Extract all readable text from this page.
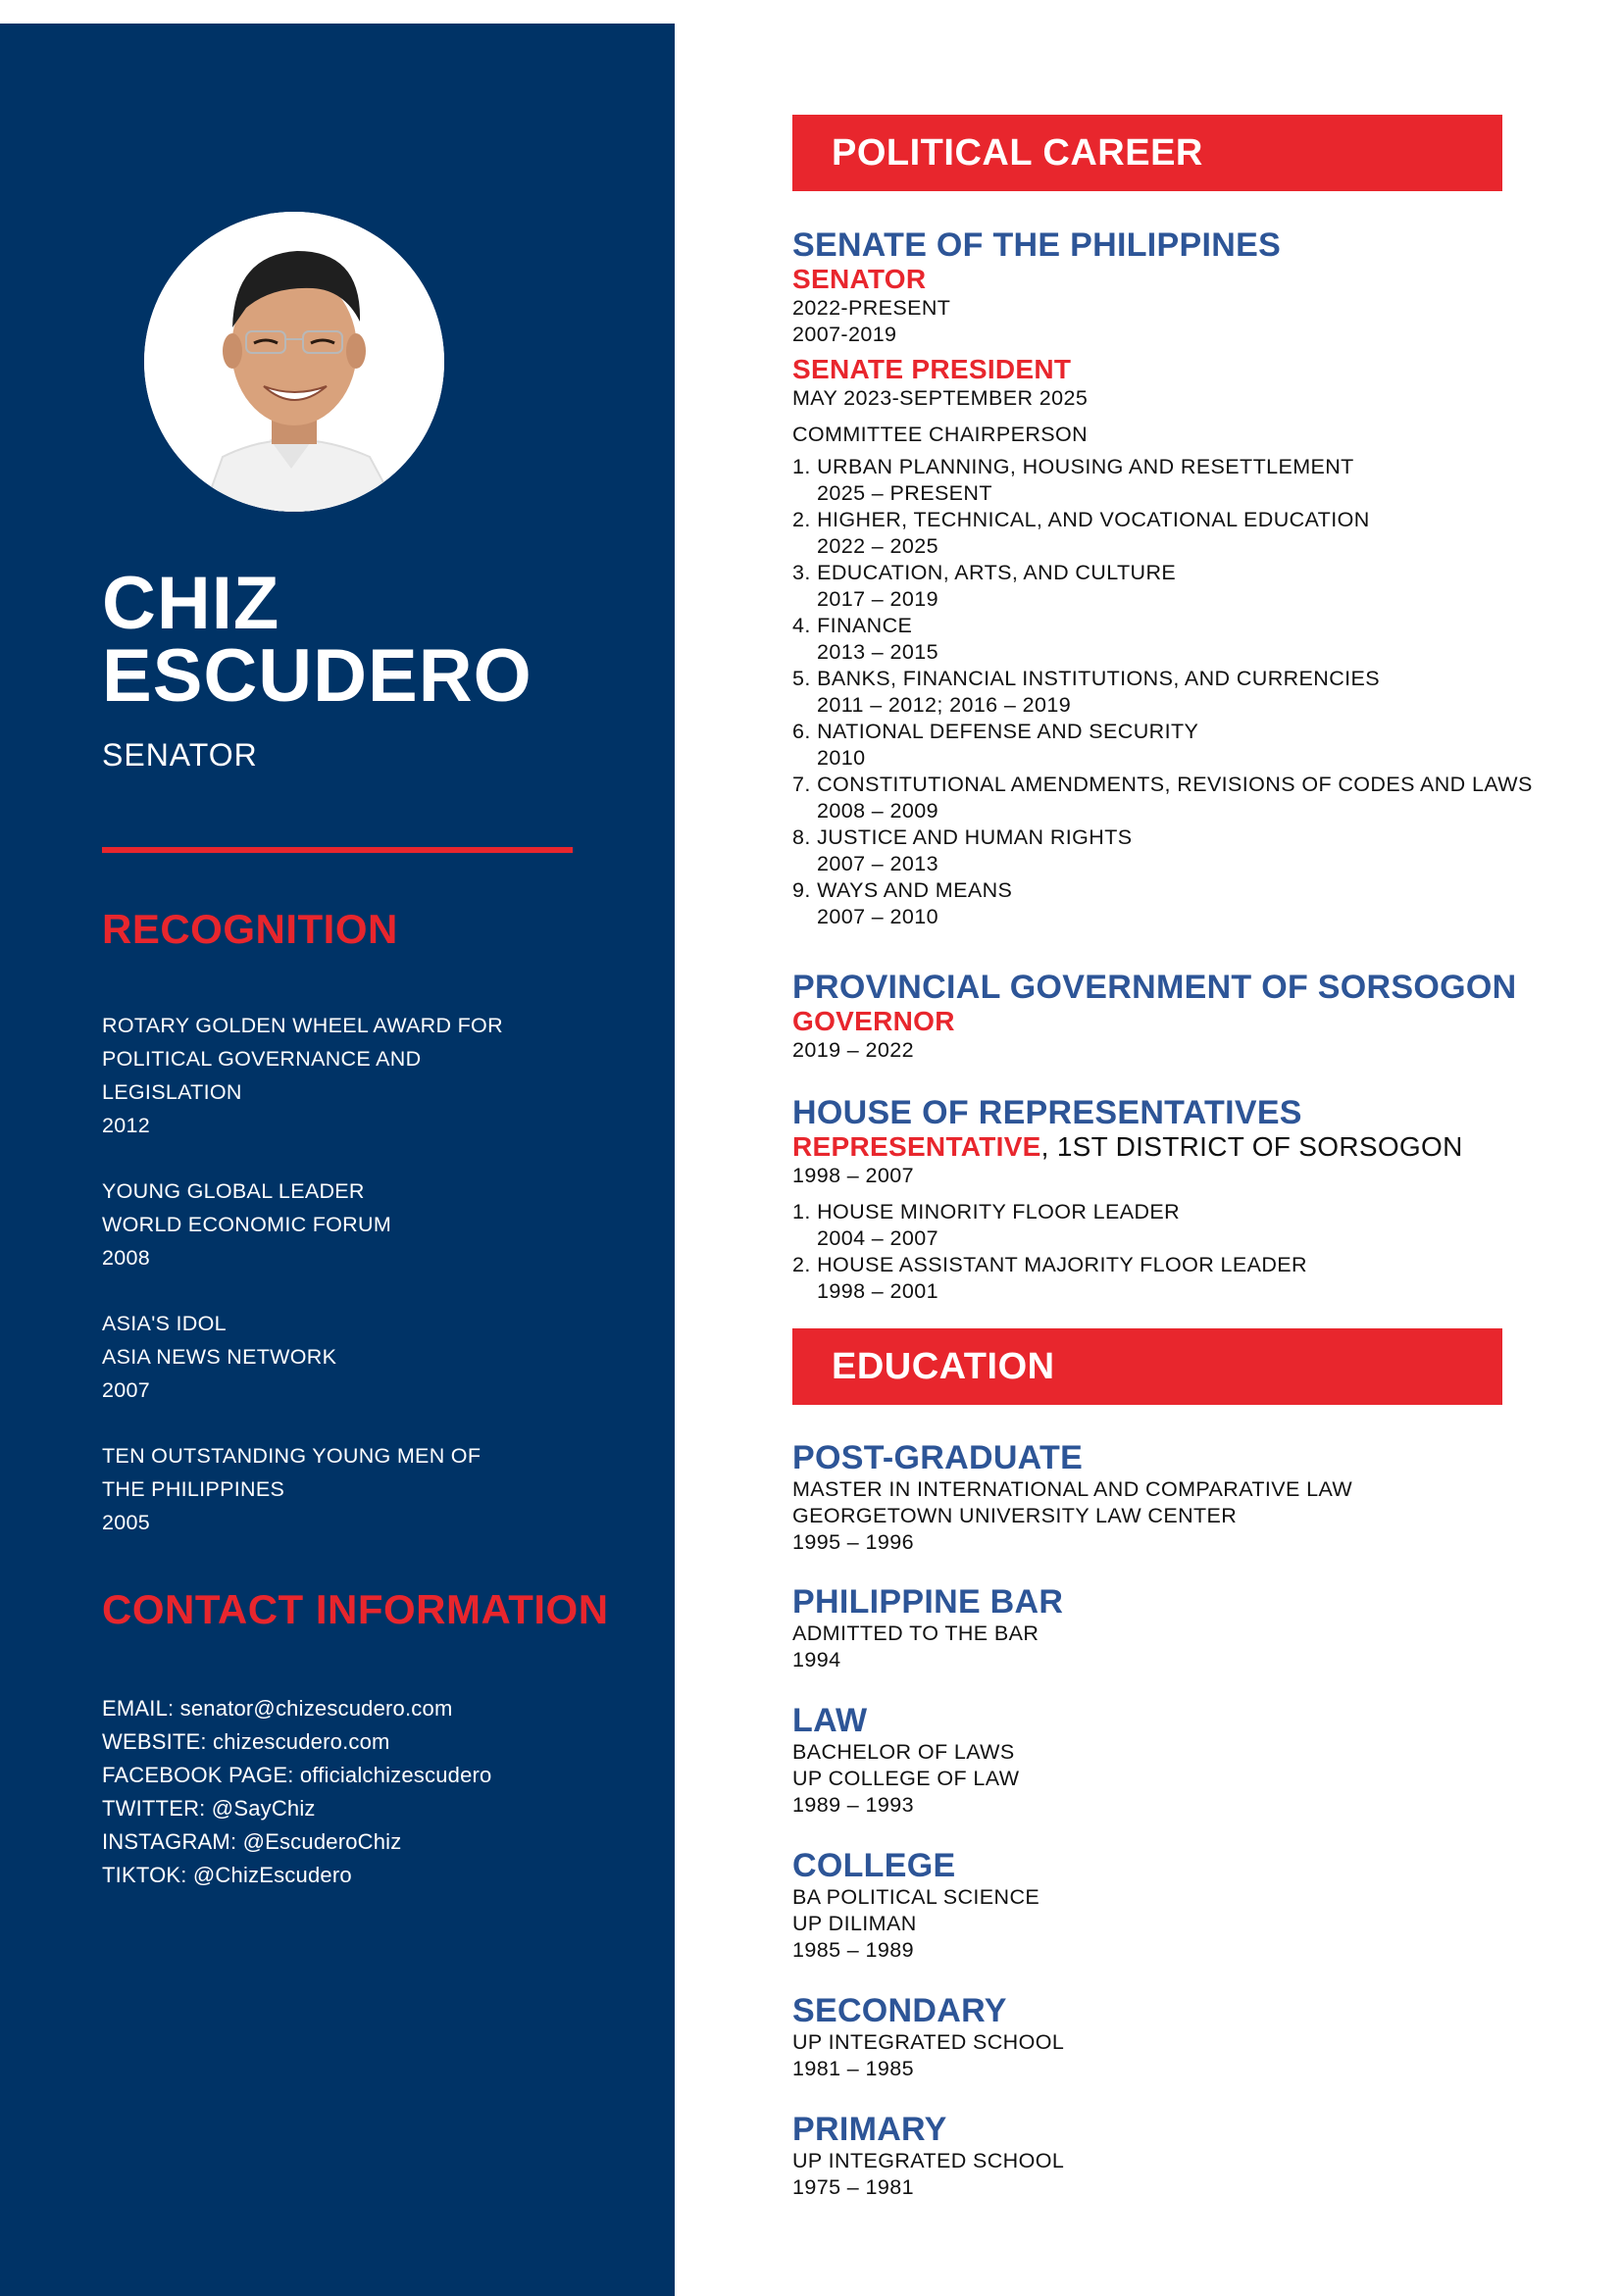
CHIZ
ESCUDERO
SENATOR
RECOGNITION
ROTARY GOLDEN WHEEL AWARD FOR
POLITICAL GOVERNANCE AND
LEGISLATION
2012
YOUNG GLOBAL LEADER
WORLD ECONOMIC FORUM
2008
ASIA'S IDOL
ASIA NEWS NETWORK
2007
TEN OUTSTANDING YOUNG MEN OF
THE PHILIPPINES
2005
CONTACT INFORMATION
EMAIL: senator@chizescudero.com
WEBSITE: chizescudero.com
FACEBOOK PAGE: officialchizescudero
TWITTER: @SayChiz
INSTAGRAM: @EscuderoChiz
TIKTOK: @ChizEscudero
POLITICAL CAREER
SENATE OF THE PHILIPPINES
SENATOR
2022-PRESENT
2007-2019
SENATE PRESIDENT
MAY 2023-SEPTEMBER 2025
COMMITTEE CHAIRPERSON
1. URBAN PLANNING, HOUSING AND RESETTLEMENT
2025 – PRESENT
2. HIGHER, TECHNICAL, AND VOCATIONAL EDUCATION
2022 – 2025
3. EDUCATION, ARTS, AND CULTURE
2017 – 2019
4. FINANCE
2013 – 2015
5. BANKS, FINANCIAL INSTITUTIONS, AND CURRENCIES
2011 – 2012; 2016 – 2019
6. NATIONAL DEFENSE AND SECURITY
2010
7. CONSTITUTIONAL AMENDMENTS, REVISIONS OF CODES AND LAWS
2008 – 2009
8. JUSTICE AND HUMAN RIGHTS
2007 – 2013
9. WAYS AND MEANS
2007 – 2010
PROVINCIAL GOVERNMENT OF SORSOGON
GOVERNOR
2019 – 2022
HOUSE OF REPRESENTATIVES
REPRESENTATIVE, 1ST DISTRICT OF SORSOGON
1998 – 2007
1. HOUSE MINORITY FLOOR LEADER
2004 – 2007
2. HOUSE ASSISTANT MAJORITY FLOOR LEADER
1998 – 2001
EDUCATION
POST-GRADUATE
MASTER IN INTERNATIONAL AND COMPARATIVE LAW
GEORGETOWN UNIVERSITY LAW CENTER
1995 – 1996
PHILIPPINE BAR
ADMITTED TO THE BAR
1994
LAW
BACHELOR OF LAWS
UP COLLEGE OF LAW
1989 – 1993
COLLEGE
BA POLITICAL SCIENCE
UP DILIMAN
1985 – 1989
SECONDARY
UP INTEGRATED SCHOOL
1981 – 1985
PRIMARY
UP INTEGRATED SCHOOL
1975 – 1981
